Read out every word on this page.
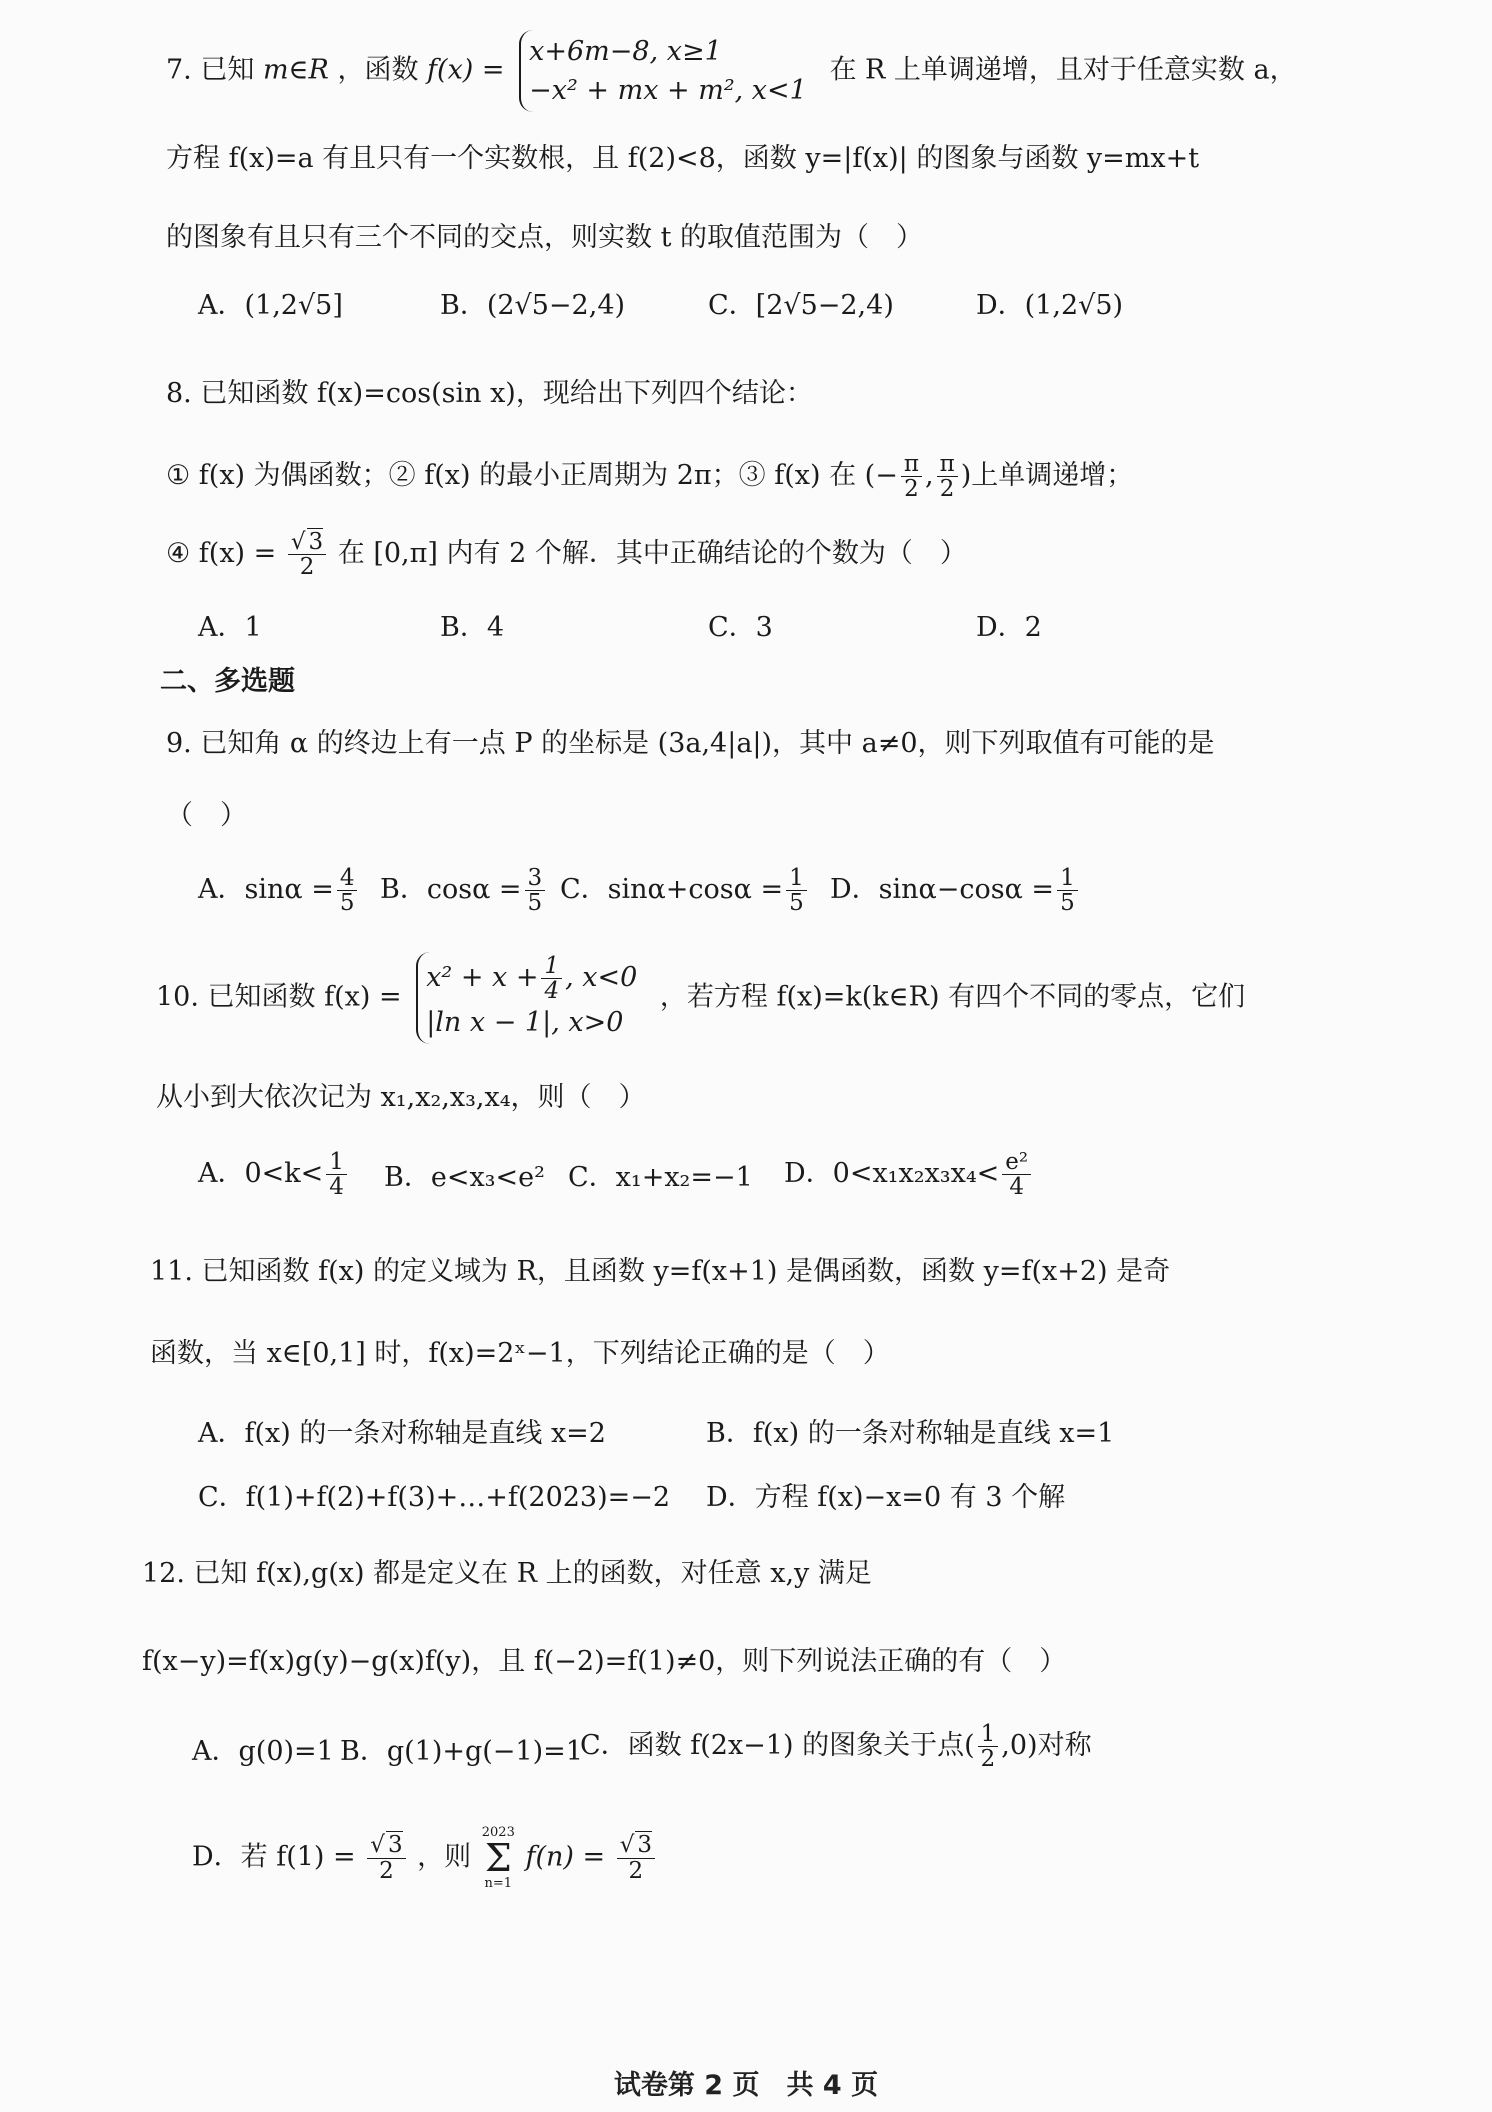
7. 已知 m∈R ，函数 f(x) =
x+6m−8, x≥1
−x² + mx + m², x<1
在 R 上单调递增，且对于任意实数 a，
方程 f(x)=a 有且只有一个实数根，且 f(2)<8，函数 y=|f(x)| 的图象与函数 y=mx+t
的图象有且只有三个不同的交点，则实数 t 的取值范围为（　）
A．(1,2√5]	B．(2√5−2,4)	C．[2√5−2,4)	D．(1,2√5)
8. 已知函数 f(x)=cos(sin x)，现给出下列四个结论：
① f(x) 为偶函数；② f(x) 的最小正周期为 2π；③ f(x) 在 (− $\frac{\pi}{2}$ , $\frac{\pi}{2}$ )上单调递增；
④ $f(x) = \frac{√ 3}{2}$ 在 [0,π] 内有 2 个解．其中正确结论的个数为（　）
A．1	B．4	C．3	D．2
二、多选题
9. 已知角 α 的终边上有一点 P 的坐标是 (3a,4|a|)，其中 a≠0，则下列取值有可能的是
（　）
A．$\sin\alpha = \frac{4}{5}$ B．$\cos\alpha = \frac{3}{5}$ C．$\sin\alpha+\cos\alpha = \frac{1}{5}$ D．$\sin\alpha-\cos\alpha = \frac{1}{5}$
10. 已知函数 f(x) =
$x^2 + x + \frac{1}{4}$ , x<0
|ln x − 1|, x>0
，若方程 f(x)=k(k∈R) 有四个不同的零点，它们
从小到大依次记为 x₁,x₂,x₃,x₄，则（　）
A．$0<k< \frac{1}{4}$ B．e<x₃<e² C．x₁+x₂=−1 D．$0<x_1x_2x_3x_4< \frac{\text{e²}}{4}$
11. 已知函数 f(x) 的定义域为 R，且函数 y=f(x+1) 是偶函数，函数 y=f(x+2) 是奇
函数，当 x∈[0,1] 时，f(x)=2ˣ−1，下列结论正确的是（　）
A．f(x) 的一条对称轴是直线 x=2	B．f(x) 的一条对称轴是直线 x=1
C．f(1)+f(2)+f(3)+…+f(2023)=−2 D．方程 f(x)−x=0 有 3 个解
12. 已知 f(x),g(x) 都是定义在 R 上的函数，对任意 x,y 满足
f(x−y)=f(x)g(y)−g(x)f(y)，且 f(−2)=f(1)≠0，则下列说法正确的有（　）
A．g(0)=1 B．g(1)+g(−1)=1
C．函数 f(2x−1) 的图象关于点( $\frac{1}{2} ,0$)对称
D．若 $f(1) = \frac{√ 3}{2}$ ，则
2023
Σ
n=1
$f(n) = \frac{√ 3}{2}$
试卷第 2 页　共 4 页
